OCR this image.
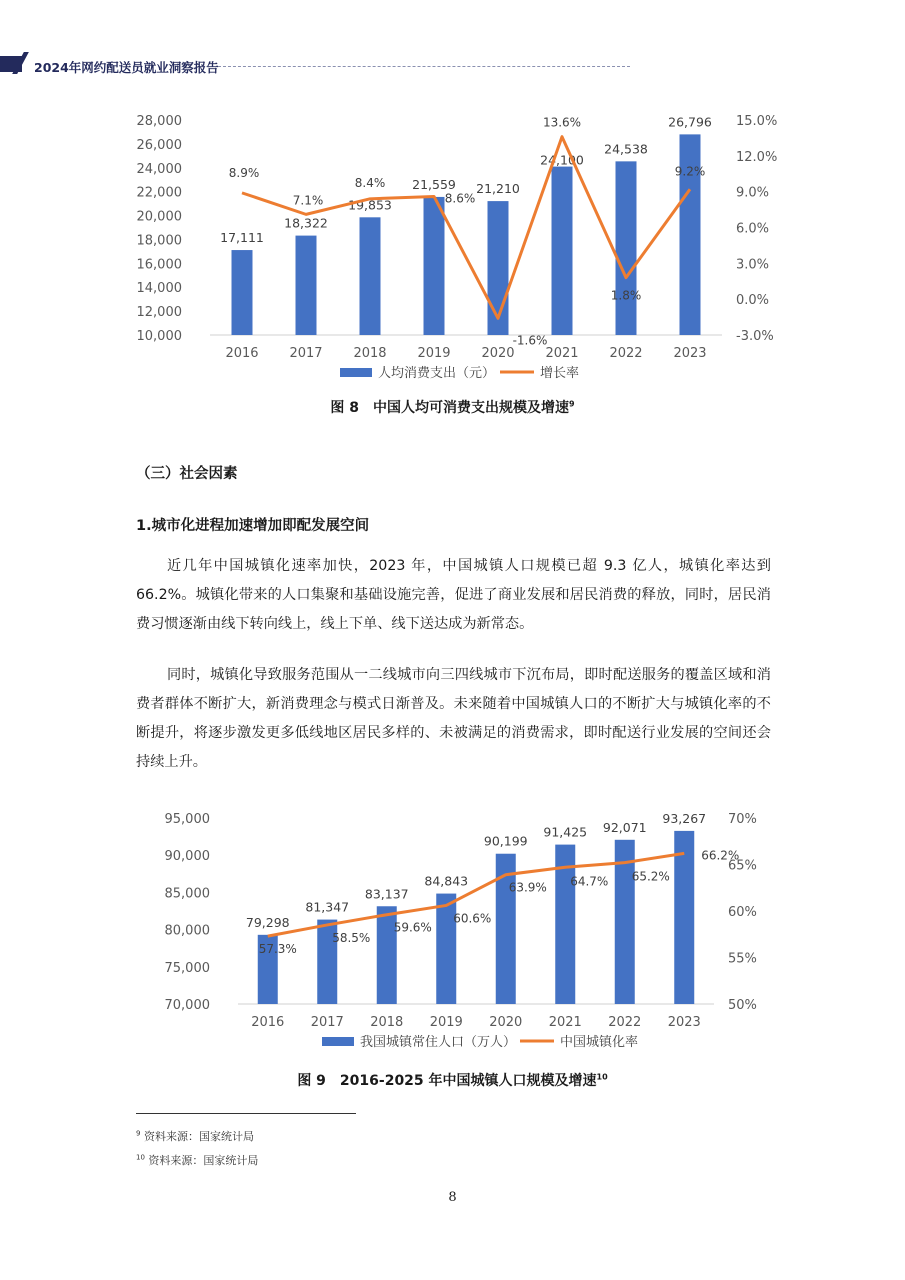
2024年网约配送员就业洞察报告
10,000
12,000
14,000
16,000
18,000
20,000
22,000
24,000
26,000
28,000
-3.0%
0.0%
3.0%
6.0%
9.0%
12.0%
15.0%
17,111
2016
18,322
2017
19,853
2018
21,559
2019
21,210
2020
24,100
2021
24,538
2022
26,796
2023
8.9%
7.1%
8.4%
8.6%
-1.6%
13.6%
1.8%
9.2%
人均消费支出（元）	增长率
图 8　中国人均可消费支出规模及增速$^9$
（三）社会因素
1.城市化进程加速增加即配发展空间
近几年中国城镇化速率加快，2023 年，中国城镇人口规模已超 9.3 亿人，城镇化率达到 66.2%。城镇化带来的人口集聚和基础设施完善，促进了商业发展和居民消费的释放，同时，居民消费习惯逐渐由线下转向线上，线上下单、线下送达成为新常态。
同时，城镇化导致服务范围从一二线城市向三四线城市下沉布局，即时配送服务的覆盖区域和消费者群体不断扩大，新消费理念与模式日渐普及。未来随着中国城镇人口的不断扩大与城镇化率的不断提升，将逐步激发更多低线地区居民多样的、未被满足的消费需求，即时配送行业发展的空间还会持续上升。
70,000
75,000
80,000
85,000
90,000
95,000
50%
55%
60%
65%
70%
79,298
2016
81,347
2017
83,137
2018
84,843
2019
90,199
2020
91,425
2021
92,071
2022
93,267
2023
57.3%
58.5%
59.6%
60.6%
63.9% 64.7% 65.2%
66.2%
我国城镇常住人口（万人）	中国城镇化率
图 9　2016-2025 年中国城镇人口规模及增速$^{10}$
$^9$ 资料来源：国家统计局
$^{10}$ 资料来源：国家统计局
8
